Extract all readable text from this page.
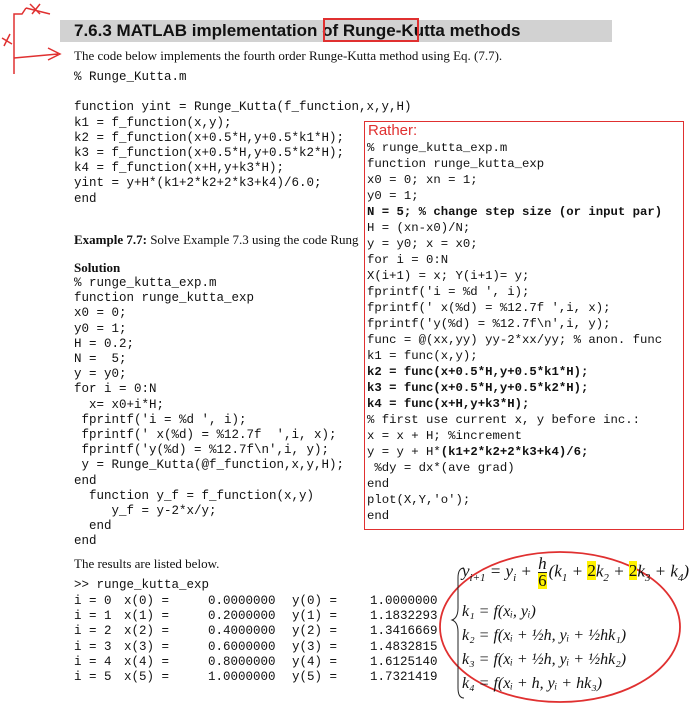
7.6.3 MATLAB implementation of Runge-Kutta methods
The code below implements the fourth order Runge-Kutta method using Eq. (7.7).
% Runge_Kutta.m

function yint = Runge_Kutta(f_function,x,y,H)
k1 = f_function(x,y);
k2 = f_function(x+0.5*H,y+0.5*k1*H);
k3 = f_function(x+0.5*H,y+0.5*k2*H);
k4 = f_function(x+H,y+k3*H);
yint = y+H*(k1+2*k2+2*k3+k4)/6.0;
end
Example 7.7: Solve Example 7.3 using the code Rung
Solution
% runge_kutta_exp.m
function runge_kutta_exp
x0 = 0;
y0 = 1;
H = 0.2;
N =  5;
y = y0;
for i = 0:N
x= x0+i*H;
fprintf('i = %d ', i);
fprintf(' x(%d) = %12.7f  ',i, x);
fprintf('y(%d) = %12.7f\n',i, y);
y = Runge_Kutta(@f_function,x,y,H);
end
function y_f = f_function(x,y)
y_f = y-2*x/y;
end
end
Rather:
% runge_kutta_exp.m
function runge_kutta_exp
x0 = 0; xn = 1;
y0 = 1;
N = 5; % change step size (or input par)
H = (xn-x0)/N;
y = y0; x = x0;
for i = 0:N
X(i+1) = x; Y(i+1)= y;
fprintf('i = %d ', i);
fprintf(' x(%d) = %12.7f ',i, x);
fprintf('y(%d) = %12.7f\n',i, y);
func = @(xx,yy) yy-2*xx/yy; % anon. func
k1 = func(x,y);
k2 = func(x+0.5*H,y+0.5*k1*H);
k3 = func(x+0.5*H,y+0.5*k2*H);
k4 = func(x+H,y+k3*H);
% first use current x, y before inc.:
x = x + H; %increment
y = y + H*(k1+2*k2+2*k3+k4)/6;
%dy = dx*(ave grad)
end
plot(X,Y,'o');
end
The results are listed below.
>> runge_kutta_exp
i = 0 x(0) =	0.0000000 y(0) =	1.0000000
i = 1 x(1) =	0.2000000 y(1) =	1.1832293
i = 2 x(2) =	0.4000000 y(2) =	1.3416669
i = 3 x(3) =	0.6000000 y(3) =	1.4832815
i = 4 x(4) =	0.8000000 y(4) =	1.6125140
i = 5 x(5) =	1.0000000 y(5) =	1.7321419
$y_{i+1} = y_i + \frac{h}{6} (k_1 + 2k_2 + 2k_3 + k_4)$
k₁ = f(xᵢ, yᵢ)
k₂ = f(xᵢ + ½h, yᵢ + ½hk₁)
k₃ = f(xᵢ + ½h, yᵢ + ½hk₂)
k₄ = f(xᵢ + h, yᵢ + hk₃)
